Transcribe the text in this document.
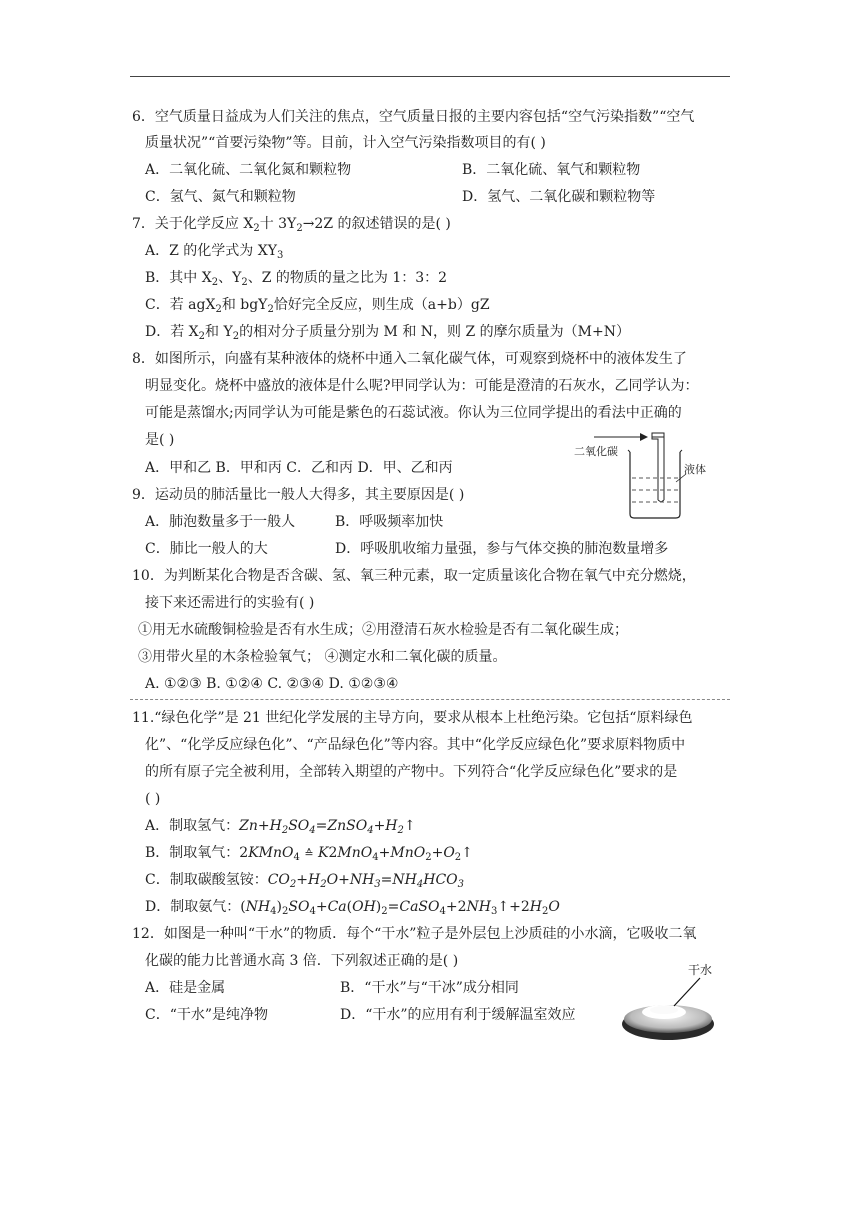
6．空气质量日益成为人们关注的焦点，空气质量日报的主要内容包括“空气污染指数”“空气
质量状况”“首要污染物”等。目前，计入空气污染指数项目的有( )
A．二氧化硫、二氧化氮和颗粒物	B．二氧化硫、氧气和颗粒物
C．氢气、氮气和颗粒物	D．氢气、二氧化碳和颗粒物等
7．关于化学反应 $X_2$十 $3Y_2\to 2Z$ 的叙述错误的是( )
A．Z 的化学式为 $XY_3$
B．其中 $X_2$、$Y_2$、Z 的物质的量之比为 1：3：2
C．若 agX$_2$和 bgY$_2$恰好完全反应，则生成（a+b）gZ
D．若 $X_2$和 $Y_2$的相对分子质量分别为 M 和 N，则 Z 的摩尔质量为（M+N）
8．如图所示，向盛有某种液体的烧杯中通入二氧化碳气体，可观察到烧杯中的液体发生了
明显变化。烧杯中盛放的液体是什么呢?甲同学认为：可能是澄清的石灰水，乙同学认为：
可能是蒸馏水;丙同学认为可能是紫色的石蕊试液。你认为三位同学提出的看法中正确的
是( )
A．甲和乙 B．甲和丙 C．乙和丙 D．甲、乙和丙
二氧化碳
液体
9．运动员的肺活量比一般人大得多，其主要原因是( )
A．肺泡数量多于一般人	B．呼吸频率加快
C．肺比一般人的大	D．呼吸肌收缩力量强，参与气体交换的肺泡数量增多
10．为判断某化合物是否含碳、氢、氧三种元素，取一定质量该化合物在氧气中充分燃烧，
接下来还需进行的实验有( )
①用无水硫酸铜检验是否有水生成；②用澄清石灰水检验是否有二氧化碳生成；
③用带火星的木条检验氧气； ④测定水和二氧化碳的质量。
A. ①②③ B. ①②④ C. ②③④ D. ①②③④
11.“绿色化学”是 21 世纪化学发展的主导方向，要求从根本上杜绝污染。它包括“原料绿色
化”、“化学反应绿色化”、“产品绿色化”等内容。其中“化学反应绿色化”要求原料物质中
的所有原子完全被利用，全部转入期望的产物中。下列符合“化学反应绿色化”要求的是
( )
A．制取氢气：$Zn+H_2SO_4=ZnSO_4+H_2↑$
B．制取氧气：2KMnO$_4$ ≙ $K2MnO_4+MnO_2+O_2↑$
C．制取碳酸氢铵：$CO_2+H_2O+NH_3=NH_4HCO_3$
D．制取氨气：$(NH_4)_2SO_4+Ca(OH)_2=CaSO_4+2NH_3↑+2H_2O$
12．如图是一种叫“干水”的物质．每个“干水”粒子是外层包上沙质硅的小水滴，它吸收二氧
化碳的能力比普通水高 3 倍．下列叙述正确的是( )
A．硅是金属	B．“干水”与“干冰”成分相同
C．“干水”是纯净物	D．“干水”的应用有利于缓解温室效应
干水
